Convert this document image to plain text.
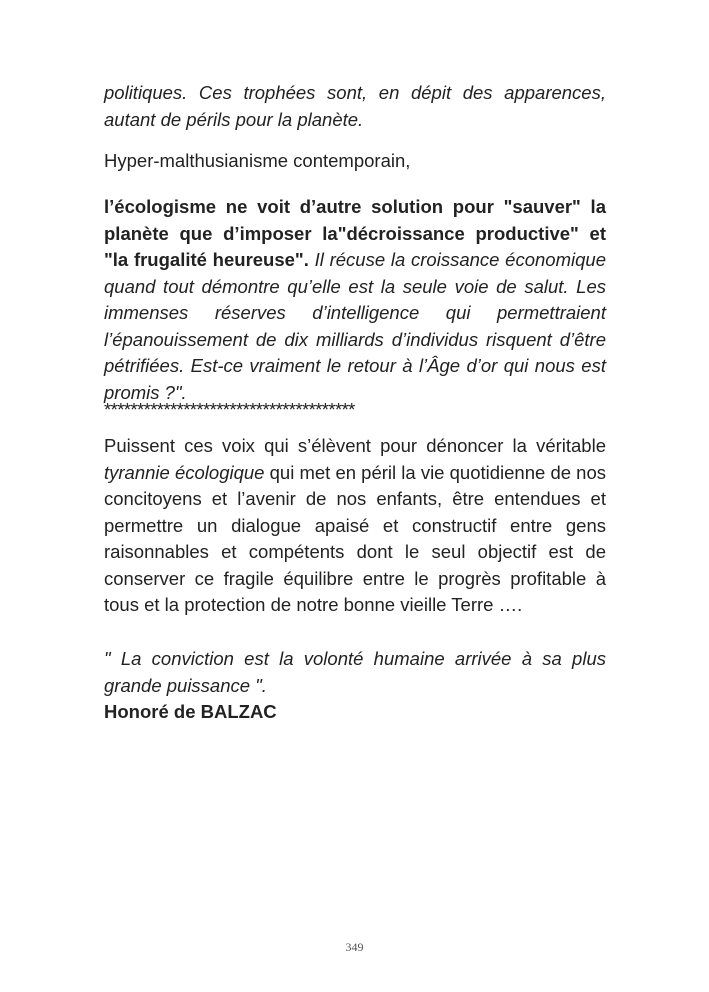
politiques. Ces trophées sont, en dépit des apparences, autant de périls pour la planète.
Hyper-malthusianisme contemporain,
l’écologisme ne voit d’autre solution pour "sauver" la planète que d’imposer la"décroissance productive" et "la frugalité heureuse". Il récuse la croissance économique quand tout démontre qu’elle est la seule voie de salut. Les immenses réserves d’intelligence qui permettraient l’épanouissement de dix milliards d’individus risquent d’être pétrifiées. Est-ce vraiment le retour à l’Âge d’or qui nous est promis ?".
**************************************
Puissent ces voix qui s’élèvent pour dénoncer la véritable tyrannie écologique qui met en péril la vie quotidienne de nos concitoyens et l’avenir de nos enfants, être entendues et permettre un dialogue apaisé et constructif entre gens raisonnables et compétents dont le seul objectif est de conserver ce fragile équilibre entre le progrès profitable à tous et la protection de notre bonne vieille Terre ….
" La conviction est la volonté humaine arrivée à sa plus grande puissance ".
Honoré de BALZAC
349
